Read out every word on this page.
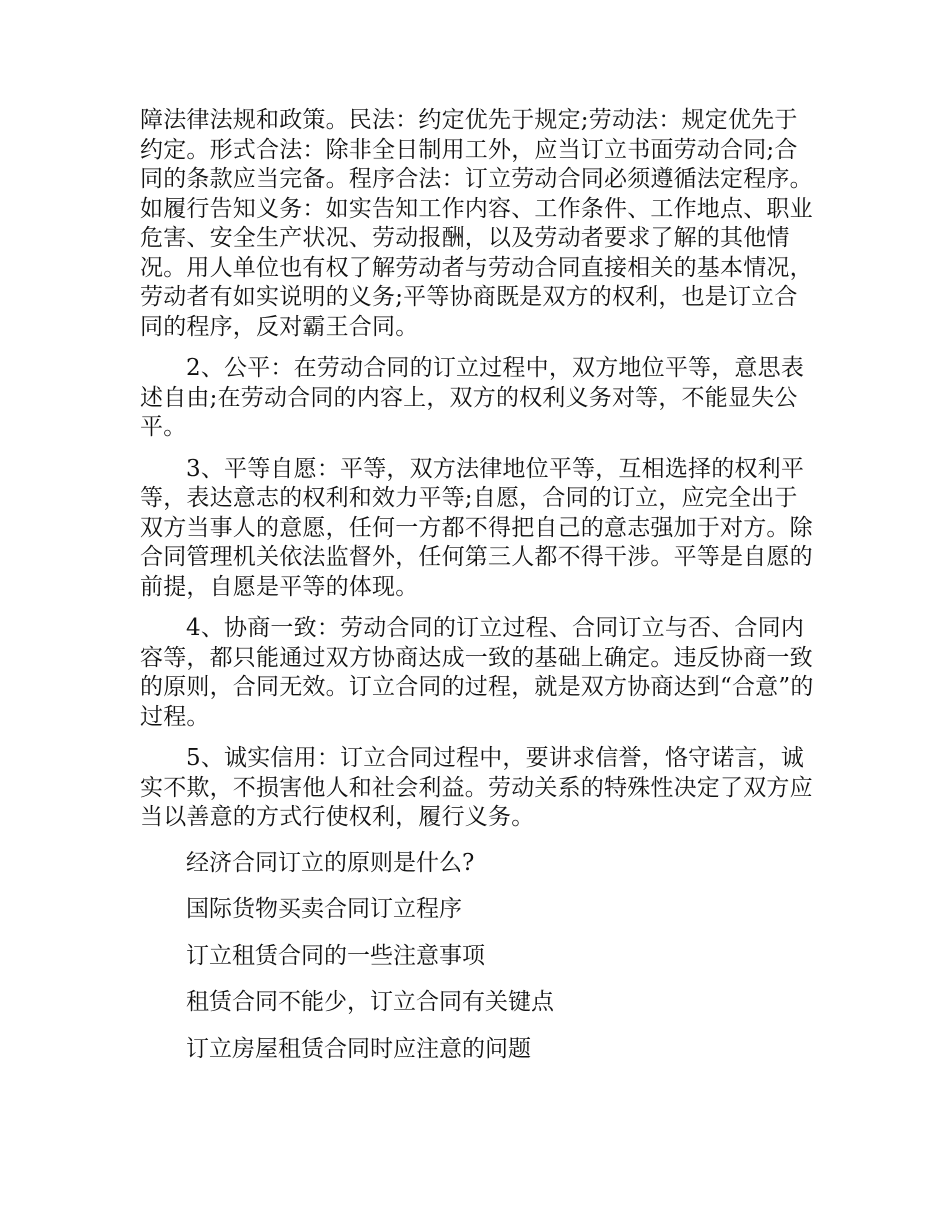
障法律法规和政策。民法：约定优先于规定;劳动法：规定优先于约定。形式合法：除非全日制用工外，应当订立书面劳动合同;合同的条款应当完备。程序合法：订立劳动合同必须遵循法定程序。如履行告知义务：如实告知工作内容、工作条件、工作地点、职业危害、安全生产状况、劳动报酬，以及劳动者要求了解的其他情况。用人单位也有权了解劳动者与劳动合同直接相关的基本情况，劳动者有如实说明的义务;平等协商既是双方的权利，也是订立合同的程序，反对霸王合同。

2、公平：在劳动合同的订立过程中，双方地位平等，意思表述自由;在劳动合同的内容上，双方的权利义务对等，不能显失公平。

3、平等自愿：平等，双方法律地位平等，互相选择的权利平等，表达意志的权利和效力平等;自愿，合同的订立，应完全出于双方当事人的意愿，任何一方都不得把自己的意志强加于对方。除合同管理机关依法监督外，任何第三人都不得干涉。平等是自愿的前提，自愿是平等的体现。

4、协商一致：劳动合同的订立过程、合同订立与否、合同内容等，都只能通过双方协商达成一致的基础上确定。违反协商一致的原则，合同无效。订立合同的过程，就是双方协商达到“合意”的过程。

5、诚实信用：订立合同过程中，要讲求信誉，恪守诺言，诚实不欺，不损害他人和社会利益。劳动关系的特殊性决定了双方应当以善意的方式行使权利，履行义务。

经济合同订立的原则是什么?
国际货物买卖合同订立程序
订立租赁合同的一些注意事项
租赁合同不能少，订立合同有关键点
订立房屋租赁合同时应注意的问题
